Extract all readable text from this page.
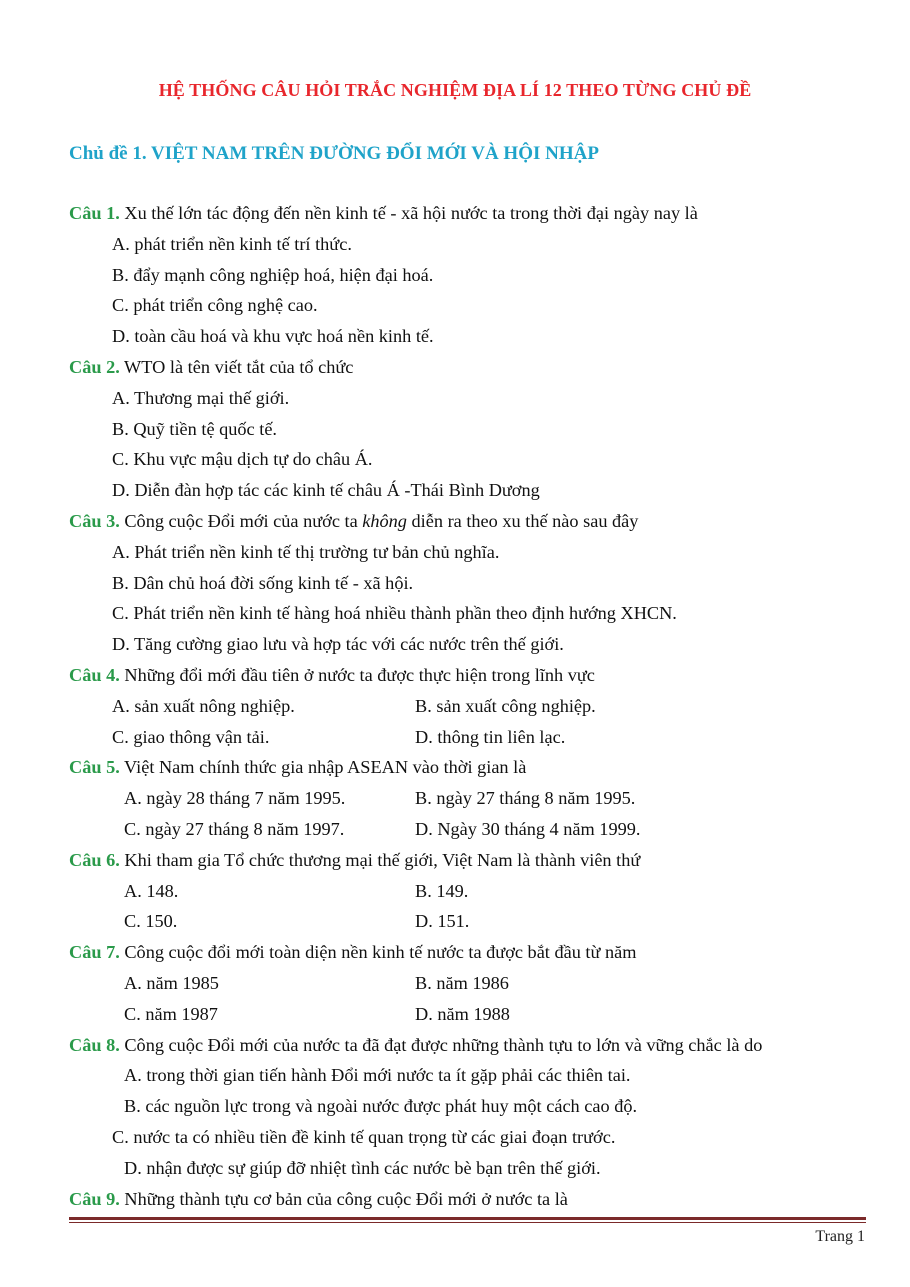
HỆ THỐNG CÂU HỎI TRẮC NGHIỆM ĐỊA LÍ 12 THEO TỪNG CHỦ ĐỀ
Chủ đề 1. VIỆT NAM TRÊN ĐƯỜNG ĐỔI MỚI VÀ HỘI NHẬP
Câu 1. Xu thế lớn tác động đến nền kinh tế - xã hội nước ta trong thời đại ngày nay là
A. phát triển nền kinh tế trí thức.
B. đẩy mạnh công nghiệp hoá, hiện đại hoá.
C. phát triển công nghệ cao.
D. toàn cầu hoá và khu vực hoá nền kinh tế.
Câu 2. WTO là tên viết tắt của tổ chức
A. Thương mại thế giới.
B. Quỹ tiền tệ quốc tế.
C. Khu vực mậu dịch tự do châu Á.
D. Diễn đàn hợp tác các kinh tế châu Á -Thái Bình Dương
Câu 3. Công cuộc Đổi mới của nước ta không diễn ra theo xu thế nào sau đây
A. Phát triển nền kinh tế thị trường tư bản chủ nghĩa.
B. Dân chủ hoá đời sống kinh tế - xã hội.
C. Phát triển nền kinh tế hàng hoá nhiều thành phần theo định hướng XHCN.
D. Tăng cường giao lưu và hợp tác với các nước trên thế giới.
Câu 4. Những đổi mới đầu tiên ở nước ta được thực hiện trong lĩnh vực
A. sản xuất nông nghiệp.	B. sản xuất công nghiệp.
C. giao thông vận tải.	D. thông tin liên lạc.
Câu 5. Việt Nam chính thức gia nhập ASEAN vào thời gian là
A. ngày 28 tháng 7 năm 1995.	B. ngày 27 tháng 8 năm 1995.
C. ngày 27 tháng 8 năm 1997.	D. Ngày 30 tháng 4 năm 1999.
Câu 6. Khi tham gia Tổ chức thương mại thế giới, Việt Nam là thành viên thứ
A. 148.	B. 149.
C. 150.	D. 151.
Câu 7. Công cuộc đổi mới toàn diện nền kinh tế nước ta được bắt đầu từ năm
A. năm 1985	B. năm 1986
C. năm 1987	D. năm 1988
Câu 8. Công cuộc Đổi mới của nước ta đã đạt được những thành tựu to lớn và vững chắc là do
A. trong thời gian tiến hành Đổi mới nước ta ít gặp phải các thiên tai.
B. các nguồn lực trong và ngoài nước được phát huy một cách cao độ.
C. nước ta có nhiều tiền đề kinh tế quan trọng từ các giai đoạn trước.
D. nhận được sự giúp đỡ nhiệt tình các nước bè bạn trên thế giới.
Câu 9. Những thành tựu cơ bản của công cuộc Đổi mới ở nước ta là
Trang 1
